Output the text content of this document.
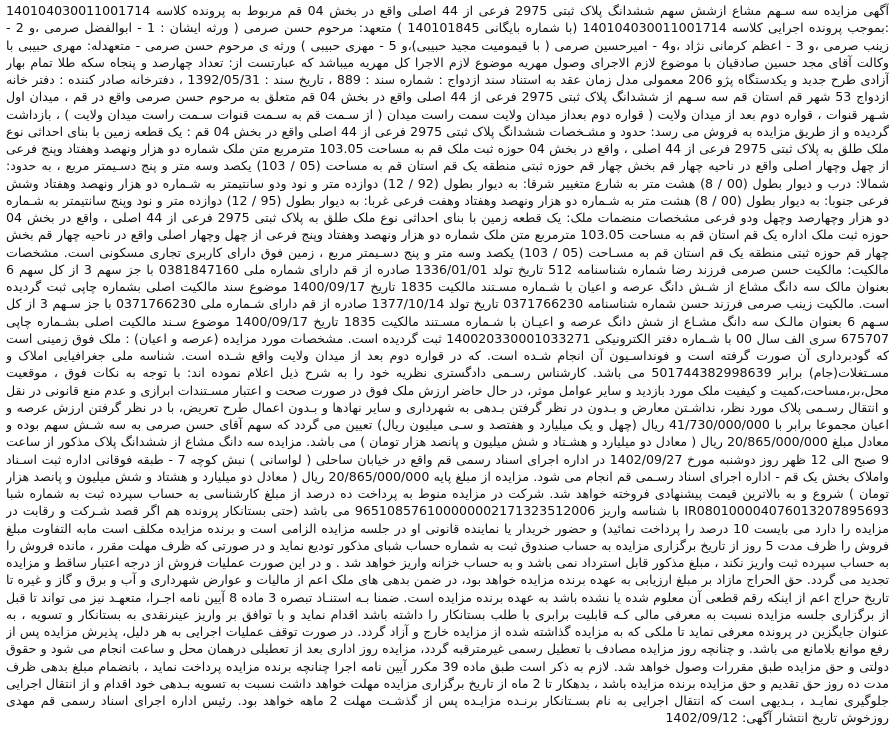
آگهی مزایده سه سـهم مشاع ازشش سهم ششدانگ پلاک ثبتی 2975 فرعی از 44 اصلی واقع در بخش 04 قم مربوط به پرونده کلاسه 140104030011001714 :بموجب پرونده اجرایی کلاسه 140104030011001714 (با شماره بایگانی 140101845 ) متعهد: مرحوم حسن صرمی ( ورثه ایشان : 1 - ابوالفضل صرمی ،و 2 - زینب صرمی ،و 3 - اعظم کرمانی نژاد ،و4 - امیرحسین صرمی ( با قیمومیت مجید حبیبی)،و 5 - مهری حبیبی ) ورثه ی مرحوم حسن صرمی - متعهدله: مهری حبیبی با وکالت آقای مجد حسین صادقیان با موضوع لازم الاجرای وصول مهریه موضوع لازم الاجرا کل مهریه میباشد که عبارتست از: تعداد چهارصد و پنجاه سکه طلا تمام بهار آزادی طرح جدید و یکدستگاه پژو 206 معمولی مدل زمان عقد به استناد سند ازدواج : شماره سند : 889 ، تاریخ سند : 1392/05/31 ، دفترخانه صادر کننده : دفتر خانه ازدواج 53 شهر قم استان قم سه سـهم از ششدانگ پلاک ثبتی 2975 فرعی از 44 اصلی واقع در بخش 04 قم متعلق به مرحوم حسن صرمی واقع در قم ، میدان اول شـهر قنوات ، قواره دوم بعد از میدان ولایت ( قواره دوم بعداز میدان ولایت سمت راست میدان ( از سـمت قم به سـمت قنوات سـمت راست میدان ولایت ) ، بازداشت گردیده و از طریق مزایده به فروش می رسد: حدود و مشـخصات ششدانگ پلاک ثبتی 2975 فرعی از 44 اصلی واقع در بخش 04 قم : یک قطعه زمین با بنای احداثی نوع ملک طلق به پلاک ثبتی 2975 فرعی از 44 اصلی ، واقع در بخش 04 حوزه ثبت ملک قم به مساحت 103.05 مترمربع متن ملک شماره دو هزار ونهصد وهفتاد وپنج فرعی از چهل وچهار اصلی واقع در ناحیه چهار قم بخش چهار قم حوزه ثبتی منطقه یک قم استان قم به مساحت (05 / 103) یکصد وسه متر و پنج دسـیمتر مربع ، به حدود: شمالا: درب و دیوار بطول (00 / 8) هشت متر به شارع متغییر شرقا: به دیوار بطول (92 / 12) دوازده متر و نود ودو سانتیمتر به شـماره دو هزار ونهصد وهفتاد وشش فرعی جنوبا: به دیوار بطول (00 / 8) هشت متر به شـماره دو هزار ونهصد وهفتاد وهفت فرعی غربا: به دیوار بطول (95 / 12) دوازده متر و نود وپنج سانتیمتر به شـماره دو هزار وچهارصد وچهل ودو فرعی مشخصات منضمات ملک: یک قطعه زمین با بنای احداثی نوع ملک طلق به پلاک ثبتی 2975 فرعی از 44 اصلی ، واقع در بخش 04 حوزه ثبت ملک اداره یک قم استان قم به مساحت 103.05 مترمربع متن ملک شماره دو هزار ونهصد وهفتاد وپنج فرعی از چهل وچهار اصلی واقع در ناحیه چهار قم بخش چهار قم حوزه ثبتی منطقه یک قم استان قم به مسـاحت (05 / 103) یکصد وسه متر و پنج دسـیمتر مربع ، زمین فوق دارای کاربری تجاری مسکونی است. مشخصات مالکیت: مالکیت حسن صرمی فرزند رضا شماره شناسنامه 512 تاریخ تولد 1336/01/01 صادره از قم دارای شماره ملی 0381847160 با جز سهم 3 از کل سهم 6 بعنوان مالک سه دانگ مشاع از شـش دانگ عرصه و اعیان با شـماره مسـتند مالکیت 1835 تاریخ 1400/09/17 موضوع سند مالکیت اصلی بشماره چاپی ثبت گردیده است. مالکیت زینب صرمی فرزند حسن شماره شناسنامه 0371766230 تاریخ تولد 1377/10/14 صادره از قم دارای شـماره ملی 0371766230 با جز سـهم 3 از کل سـهم 6 بعنوان مالـک سه دانگ مشـاع از شش دانگ عرصه و اعیـان با شـماره مسـتند مالکیت 1835 تاریخ 1400/09/17 موضوع سـند مالکیت اصلی بشـماره چاپی 675707 سری الف سال 00 با شـماره دفتر الکترونیکی 140020330001033271 ثبت گردیده است. مشخصات مورد مزایده (عرصه و اعیان) : ملک فوق زمینی است که گودبرداری آن صورت گرفته است و فونداسـیون آن انجام شـده است. که در قواره دوم بعد از میدان ولایت واقع شـده است. شناسه ملی جغرافیایی املاک و مسـتغلات(جام) برابر 501744382998639 می باشد. کارشناس رسـمی دادگستری نظریه خود را به شرح ذیل اعلام نموده اند: با توجه به نکات فوق ، موقعیت محل،بر،مساحت،کمیت و کیفیت ملک مورد بازدید و سایر عوامل موثر، در حال حاضر ارزش ملک فوق در صورت صحت و اعتبار مسـتندات ابرازی و عدم منع قانونی در نقل و انتقال رسـمی پلاک مورد نظر، نداشـتن معارض و بـدون در نظر گرفتن بـدهی به شهرداری و سایر نهادها و بـدون اعمال طرح تعریض، با در نظر گرفتن ارزش عرصه و اعیان مجموعا برابر با 41/730/000/000 ریال (چهل و یک میلیارد و هفتصد و سـی میلیون ریال) تعیین می گردد که سهم آقای حسن صرمی به سه شـش سهم بوده و معادل مبلغ 20/865/000/000 ریال ( معادل دو میلیارد و هشـتاد و شش میلیون و پانصد هزار تومان ) می باشد. مزایده سه دانگ مشاع از ششدانگ پلاک مذکور از ساعت 9 صبح الی 12 ظهر روز دوشنبه مورخ 1402/09/27 در اداره اجرای اسناد رسمی قم واقع در خیابان ساحلی ( لواسانی ) نبش کوچه 7 - طبقه فوقانی اداره ثبت اسـناد واملاک بخش یک قم - اداره اجرای اسناد رسـمی قم انجام می شود. مزایده از مبلغ پایه 20/865/000/000 ریال ( معادل دو میلیارد و هشتاد و شش میلیون و پانصد هزار تومان ) شروع و به بالاترین قیمت پیشنهادی فروخته خواهد شد. شرکت در مزایده منوط به پرداخت ده درصد از مبلغ کارشناسی به حساب سپرده ثبت به شماره شبا IR080100004076013207895693 با شناسه واریز 965108576100000002171323512006 می باشد (حتی بستانکار پرونده هم اگر قصد شـرکت و رقابت در مزایده را دارد می بایست 10 درصد را پرداخت نمائید) و حضور خریدار یا نماینده قانونی او در جلسه مزایده الزامی است و برنده مزایده مکلف است مابه التفاوت مبلغ فروش را ظرف مدت 5 روز از تاریخ برگزاری مزایده به حساب صندوق ثبت به شماره حساب شبای مذکور تودیع نماید و در صورتی که ظرف مهلت مقرر ، مانده فروش را به حساب سپرده ثبت واریز نکند ، مبلغ مذکور قابل استرداد نمی باشد و به حساب خزانه واریز خواهد شد . و در این صورت عملیات فروش از درجه اعتبار ساقط و مزایده تجدید می گردد. حق الحراج مازاد بر مبلغ ارزیابی به عهده برنده مزایده خواهد بود، در ضمن بدهی های ملک اعم از مالیات و عوارض شهرداری و آب و برق و گاز و غیره تا تاریخ حراج اعم از اینکه رقم قطعی آن معلوم شده یا نشده باشد به عهده برنده مزایده است. ضمنا بـه استنـاد تبصره 3 ماده 8 آیین نامه اجـرا، متعهـد نیز می تواند تا قبل از برگزاری جلسه مزایده نسبت به معرفی مالی کـه قابلیت برابری با طلب بستانکار را داشته باشد اقدام نماید و با توافق بر واریز عینرنقدی به بستانکار و تسویه ، به عنوان جایگزین در پرونده معرفی نماید تا ملکی که به مزایده گذاشته شده از مزایده خارج و آزاد گردد. در صورت توقف عملیات اجرایی به هر دلیل، پذیرش مزایده پس از رفع موانع بلامانع می باشد. و چنانچه روز مزایده مصادف با تعطیل رسمی غیرمترقبه گردد، مزایده روز اداری بعد از تعطیلی درهمان محل و ساعت انجام می شود و حقوق دولتی و حق مزایده طبق مقررات وصول خواهد شد. لازم به ذکر است طبق ماده 39 مکرر آیین نامه اجرا چنانچه برنده مزایده پرداخت نماید ، بانضمام مبلغ بدهی ظرف مدت ده روز حق تقدیم و حق مزایده برنده مزایده باشد ، بدهکار تا 2 ماه از تاریخ برگزاری مزایده مهلت خواهد داشت نسبت به تسویه بـدهی خود اقدام و از انتقال اجرایی جلوگیری نمایـد ، بـدیهی است که انتقال اجرایی به نام بسـتانکار برنـده مزایـده پس از گذشـت مهلت 2 ماهه خواهد بود. رئیس اداره اجرای اسناد رسمی قم مهدی روزخوش تاریخ انتشار آگهی: 1402/09/12
